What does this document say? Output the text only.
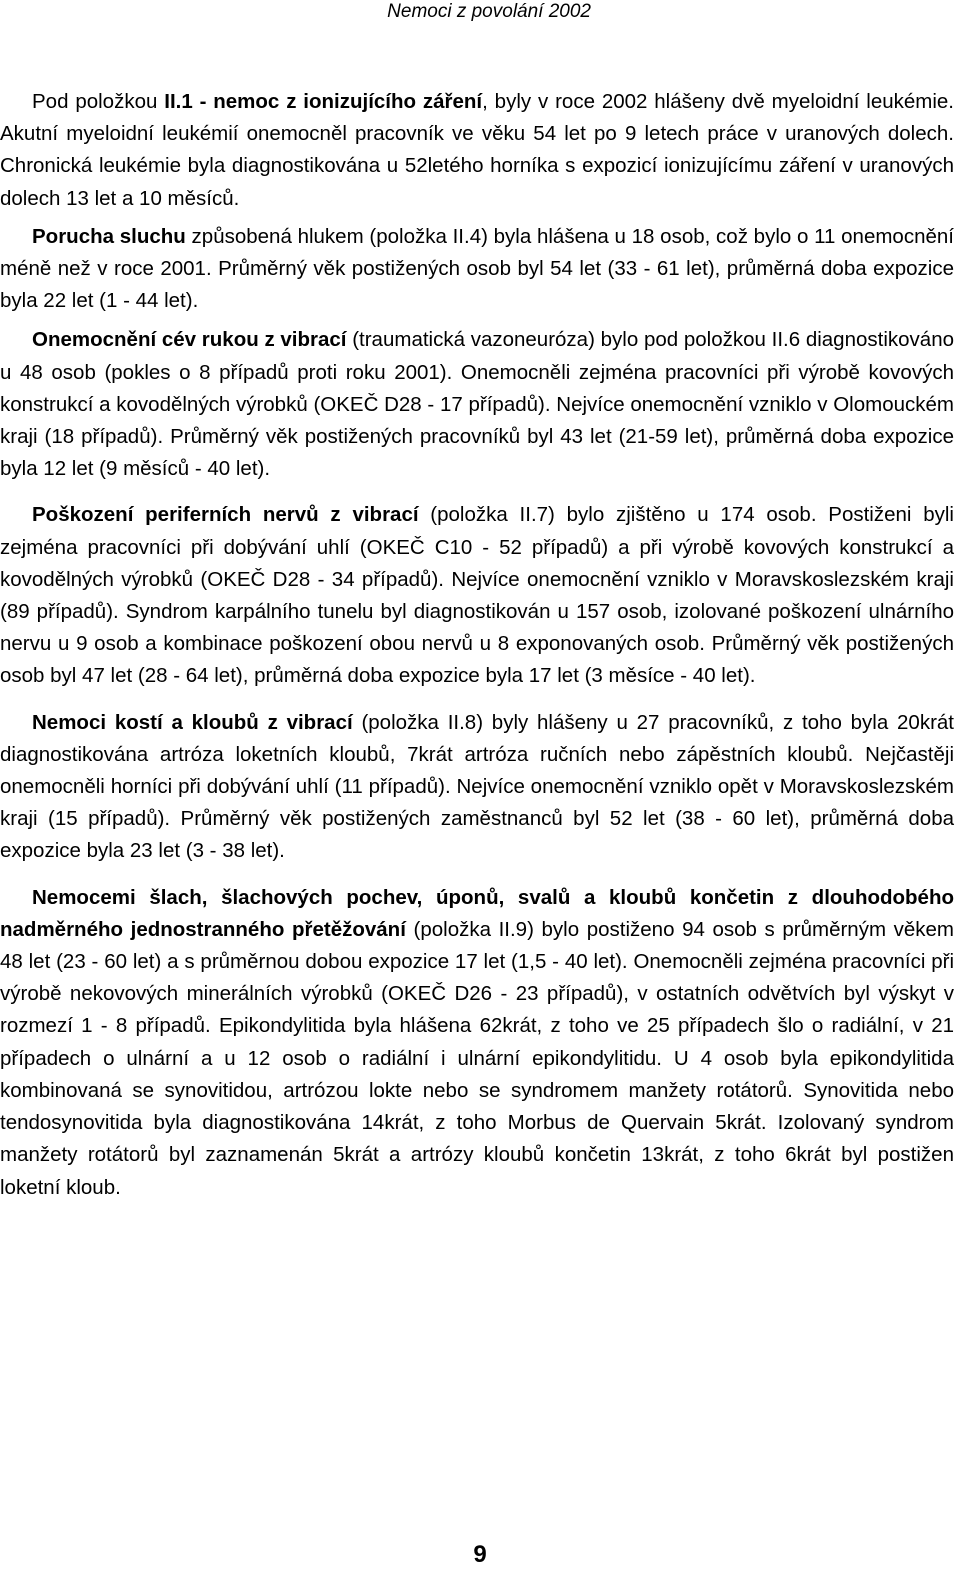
Nemoci z povolání 2002

Pod položkou II.1 - nemoc z ionizujícího záření, byly v roce 2002 hlášeny dvě myeloidní leukémie. Akutní myeloidní leukémií onemocněl pracovník ve věku 54 let po 9 letech práce v uranových dolech. Chronická leukémie byla diagnostikována u 52letého horníka s expozicí ionizujícímu záření v uranových dolech 13 let a 10 měsíců.

Porucha sluchu způsobená hlukem (položka II.4) byla hlášena u 18 osob, což bylo o 11 onemocnění méně než v roce 2001. Průměrný věk postižených osob byl 54 let (33 - 61 let), průměrná doba expozice byla 22 let (1 - 44 let).

Onemocnění cév rukou z vibrací (traumatická vazoneuróza) bylo pod položkou II.6 diagnostikováno u 48 osob (pokles o 8 případů proti roku 2001). Onemocněli zejména pracovníci při výrobě kovových konstrukcí a kovodělných výrobků (OKEČ D28 - 17 případů). Nejvíce onemocnění vzniklo v Olomouckém kraji (18 případů). Průměrný věk postižených pracovníků byl 43 let (21-59 let), průměrná doba expozice byla 12 let (9 měsíců - 40 let).

Poškození periferních nervů z vibrací (položka II.7) bylo zjištěno u 174 osob. Postiženi byli zejména pracovníci při dobývání uhlí (OKEČ C10 - 52 případů) a při výrobě kovových konstrukcí a kovodělných výrobků (OKEČ D28 - 34 případů). Nejvíce onemocnění vzniklo v Moravskoslezském kraji (89 případů). Syndrom karpálního tunelu byl diagnostikován u 157 osob, izolované poškození ulnárního nervu u 9 osob a kombinace poškození obou nervů u 8 exponovaných osob. Průměrný věk postižených osob byl 47 let (28 - 64 let), průměrná doba expozice byla 17 let (3 měsíce - 40 let).

Nemoci kostí a kloubů z vibrací (položka II.8) byly hlášeny u 27 pracovníků, z toho byla 20krát diagnostikována artróza loketních kloubů, 7krát artróza ručních nebo zápěstních kloubů. Nejčastěji onemocněli horníci při dobývání uhlí (11 případů). Nejvíce onemocnění vzniklo opět v Moravskoslezském kraji (15 případů). Průměrný věk postižených zaměstnanců byl 52 let (38 - 60 let), průměrná doba expozice byla 23 let (3 - 38 let).

Nemocemi šlach, šlachových pochev, úponů, svalů a kloubů končetin z dlouhodobého nadměrného jednostranného přetěžování (položka II.9) bylo postiženo 94 osob s průměrným věkem 48 let (23 - 60 let) a s průměrnou dobou expozice 17 let (1,5 - 40 let). Onemocněli zejména pracovníci při výrobě nekovových minerálních výrobků (OKEČ D26 - 23 případů), v ostatních odvětvích byl výskyt v rozmezí 1 - 8 případů. Epikondylitida byla hlášena 62krát, z toho ve 25 případech šlo o radiální, v 21 případech o ulnární a u 12 osob o radiální i ulnární epikondylitidu. U 4 osob byla epikondylitida kombinovaná se synovitidou, artrózou lokte nebo se syndromem manžety rotátorů. Synovitida nebo tendosynovitida byla diagnostikována 14krát, z toho Morbus de Quervain 5krát. Izolovaný syndrom manžety rotátorů byl zaznamenán 5krát a artrózy kloubů končetin 13krát, z toho 6krát byl postižen loketní kloub.

9
